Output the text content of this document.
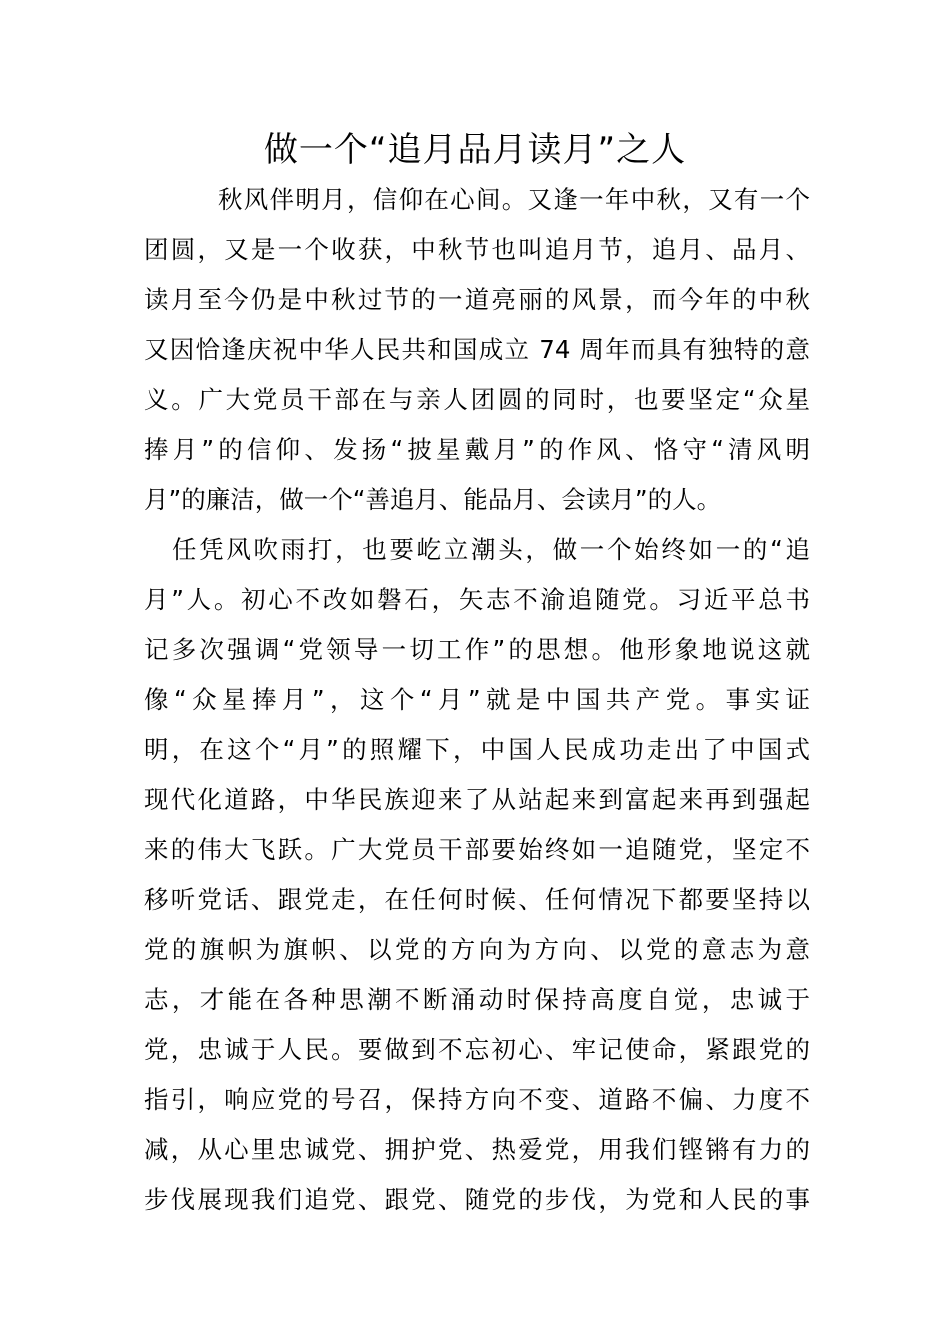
做一个“追月品月读月”之人
秋风伴明月，信仰在心间。又逢一年中秋，又有一个
团圆，又是一个收获，中秋节也叫追月节，追月、品月、
读月至今仍是中秋过节的一道亮丽的风景，而今年的中秋
又因恰逢庆祝中华人民共和国成立 74 周年而具有独特的意
义。广大党员干部在与亲人团圆的同时，也要坚定“众星
捧月”的信仰、发扬“披星戴月”的作风、恪守“清风明
月”的廉洁，做一个“善追月、能品月、会读月”的人。
任凭风吹雨打，也要屹立潮头，做一个始终如一的“追
月”人。初心不改如磐石，矢志不渝追随党。习近平总书
记多次强调“党领导一切工作”的思想。他形象地说这就
像“众星捧月”，这个“月”就是中国共产党。事实证
明，在这个“月”的照耀下，中国人民成功走出了中国式
现代化道路，中华民族迎来了从站起来到富起来再到强起
来的伟大飞跃。广大党员干部要始终如一追随党，坚定不
移听党话、跟党走，在任何时候、任何情况下都要坚持以
党的旗帜为旗帜、以党的方向为方向、以党的意志为意
志，才能在各种思潮不断涌动时保持高度自觉，忠诚于
党，忠诚于人民。要做到不忘初心、牢记使命，紧跟党的
指引，响应党的号召，保持方向不变、道路不偏、力度不
减，从心里忠诚党、拥护党、热爱党，用我们铿锵有力的
步伐展现我们追党、跟党、随党的步伐，为党和人民的事
